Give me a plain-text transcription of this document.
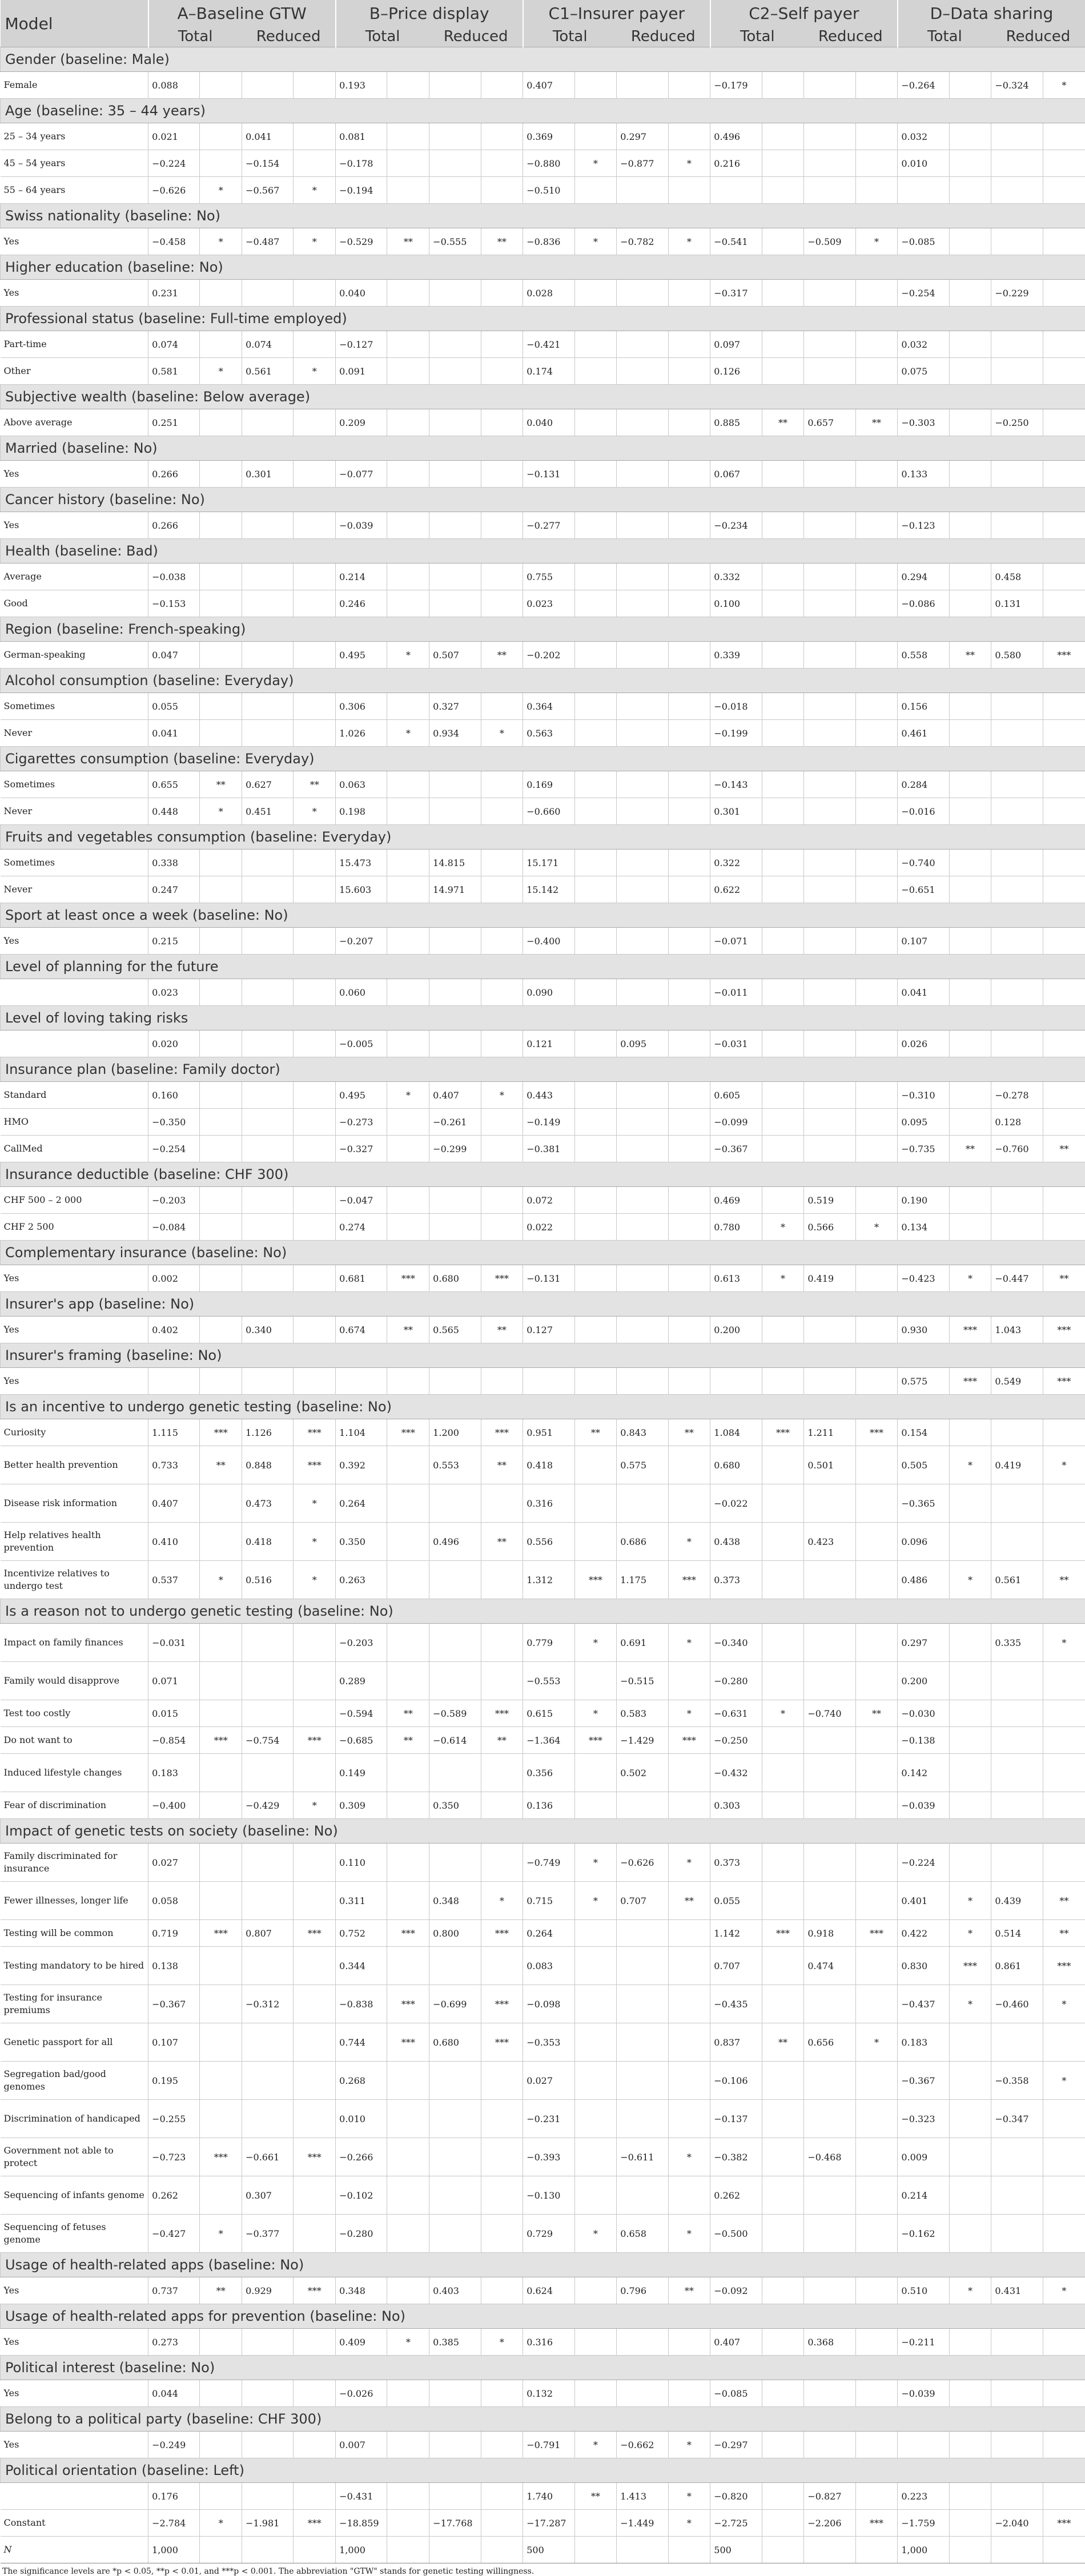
Model	A–Baseline GTW				B–Price display				C1–Insurer payer				C2–Self payer				D–Data sharing			
	Total		Reduced		Total		Reduced		Total		Reduced		Total		Reduced		Total		Reduced	
Gender (baseline: Male)																				
Female	0.088				0.193				0.407				−0.179				−0.264		−0.324	*
Age (baseline: 35 – 44 years)																				
25 – 34 years	0.021		0.041		0.081				0.369		0.297		0.496				0.032			
45 – 54 years	−0.224		−0.154		−0.178				−0.880	*	−0.877	*	0.216				0.010			
55 – 64 years	−0.626	*	−0.567	*	−0.194				−0.510											
Swiss nationality (baseline: No)																				
Yes	−0.458	*	−0.487	*	−0.529	**	−0.555	**	−0.836	*	−0.782	*	−0.541		−0.509	*	−0.085			
Higher education (baseline: No)																				
Yes	0.231				0.040				0.028				−0.317				−0.254		−0.229	
Professional status (baseline: Full-time employed)																				
Part-time	0.074		0.074		−0.127				−0.421				0.097				0.032			
Other	0.581	*	0.561	*	0.091				0.174				0.126				0.075			
Subjective wealth (baseline: Below average)																				
Above average	0.251				0.209				0.040				0.885	**	0.657	**	−0.303		−0.250	
Married (baseline: No)																				
Yes	0.266		0.301		−0.077				−0.131				0.067				0.133			
Cancer history (baseline: No)																				
Yes	0.266				−0.039				−0.277				−0.234				−0.123			
Health (baseline: Bad)																				
Average	−0.038				0.214				0.755				0.332				0.294		0.458	
Good	−0.153				0.246				0.023				0.100				−0.086		0.131	
Region (baseline: French-speaking)																				
German-speaking	0.047				0.495	*	0.507	**	−0.202				0.339				0.558	**	0.580	***
Alcohol consumption (baseline: Everyday)																				
Sometimes	0.055				0.306		0.327		0.364				−0.018				0.156			
Never	0.041				1.026	*	0.934	*	0.563				−0.199				0.461			
Cigarettes consumption (baseline: Everyday)																				
Sometimes	0.655	**	0.627	**	0.063				0.169				−0.143				0.284			
Never	0.448	*	0.451	*	0.198				−0.660				0.301				−0.016			
Fruits and vegetables consumption (baseline: Everyday)																				
Sometimes	0.338				15.473		14.815		15.171				0.322				−0.740			
Never	0.247				15.603		14.971		15.142				0.622				−0.651			
Sport at least once a week (baseline: No)																				
Yes	0.215				−0.207				−0.400				−0.071				0.107			
Level of planning for the future																				
	0.023				0.060				0.090				−0.011				0.041			
Level of loving taking risks																				
	0.020				−0.005				0.121		0.095		−0.031				0.026			
Insurance plan (baseline: Family doctor)																				
Standard	0.160				0.495	*	0.407	*	0.443				0.605				−0.310		−0.278	
HMO	−0.350				−0.273		−0.261		−0.149				−0.099				0.095		0.128	
CallMed	−0.254				−0.327		−0.299		−0.381				−0.367				−0.735	**	−0.760	**
Insurance deductible (baseline: CHF 300)																				
CHF 500 – 2 000	−0.203				−0.047				0.072				0.469		0.519		0.190			
CHF 2 500	−0.084				0.274				0.022				0.780	*	0.566	*	0.134			
Complementary insurance (baseline: No)																				
Yes	0.002				0.681	***	0.680	***	−0.131				0.613	*	0.419		−0.423	*	−0.447	**
Insurer's app (baseline: No)																				
Yes	0.402		0.340		0.674	**	0.565	**	0.127				0.200				0.930	***	1.043	***
Insurer's framing (baseline: No)																				
Yes																	0.575	***	0.549	***
Is an incentive to undergo genetic testing (baseline: No)																				
Curiosity	1.115	***	1.126	***	1.104	***	1.200	***	0.951	**	0.843	**	1.084	***	1.211	***	0.154			
Better health prevention	0.733	**	0.848	***	0.392		0.553	**	0.418		0.575		0.680		0.501		0.505	*	0.419	*
Disease risk information	0.407		0.473	*	0.264				0.316				−0.022				−0.365			
Help relatives health prevention	0.410		0.418	*	0.350		0.496	**	0.556		0.686	*	0.438		0.423		0.096			
Incentivize relatives to undergo test	0.537	*	0.516	*	0.263				1.312	***	1.175	***	0.373				0.486	*	0.561	**
Is a reason not to undergo genetic testing (baseline: No)																				
Impact on family finances	−0.031				−0.203				0.779	*	0.691	*	−0.340				0.297		0.335	*
Family would disapprove	0.071				0.289				−0.553		−0.515		−0.280				0.200			
Test too costly	0.015				−0.594	**	−0.589	***	0.615	*	0.583	*	−0.631	*	−0.740	**	−0.030			
Do not want to	−0.854	***	−0.754	***	−0.685	**	−0.614	**	−1.364	***	−1.429	***	−0.250				−0.138			
Induced lifestyle changes	0.183				0.149				0.356		0.502		−0.432				0.142			
Fear of discrimination	−0.400		−0.429	*	0.309		0.350		0.136				0.303				−0.039			
Impact of genetic tests on society (baseline: No)																				
Family discriminated for insurance	0.027				0.110				−0.749	*	−0.626	*	0.373				−0.224			
Fewer illnesses, longer life	0.058				0.311		0.348	*	0.715	*	0.707	**	0.055				0.401	*	0.439	**
Testing will be common	0.719	***	0.807	***	0.752	***	0.800	***	0.264				1.142	***	0.918	***	0.422	*	0.514	**
Testing mandatory to be hired	0.138				0.344				0.083				0.707		0.474		0.830	***	0.861	***
Testing for insurance premiums	−0.367		−0.312		−0.838	***	−0.699	***	−0.098				−0.435				−0.437	*	−0.460	*
Genetic passport for all	0.107				0.744	***	0.680	***	−0.353				0.837	**	0.656	*	0.183			
Segregation bad/good genomes	0.195				0.268				0.027				−0.106				−0.367		−0.358	*
Discrimination of handicaped	−0.255				0.010				−0.231				−0.137				−0.323		−0.347	
Government not able to protect	−0.723	***	−0.661	***	−0.266				−0.393		−0.611	*	−0.382		−0.468		0.009			
Sequencing of infants genome	0.262		0.307		−0.102				−0.130				0.262				0.214			
Sequencing of fetuses genome	−0.427	*	−0.377		−0.280				0.729	*	0.658	*	−0.500				−0.162			
Usage of health-related apps (baseline: No)																				
Yes	0.737	**	0.929	***	0.348		0.403		0.624		0.796	**	−0.092				0.510	*	0.431	*
Usage of health-related apps for prevention (baseline: No)																				
Yes	0.273				0.409	*	0.385	*	0.316				0.407		0.368		−0.211			
Political interest (baseline: No)																				
Yes	0.044				−0.026				0.132				−0.085				−0.039			
Belong to a political party (baseline: CHF 300)																				
Yes	−0.249				0.007				−0.791	*	−0.662	*	−0.297							
Political orientation (baseline: Left)																				
	0.176				−0.431				1.740	**	1.413	*	−0.820		−0.827		0.223			
Constant	−2.784	*	−1.981	***	−18.859		−17.768		−17.287		−1.449	*	−2.725		−2.206	***	−1.759		−2.040	***
N	1,000				1,000				500				500				1,000			
The significance levels are *p < 0.05, **p < 0.01, and ***p < 0.001. The abbreviation "GTW" stands for genetic testing willingness.
